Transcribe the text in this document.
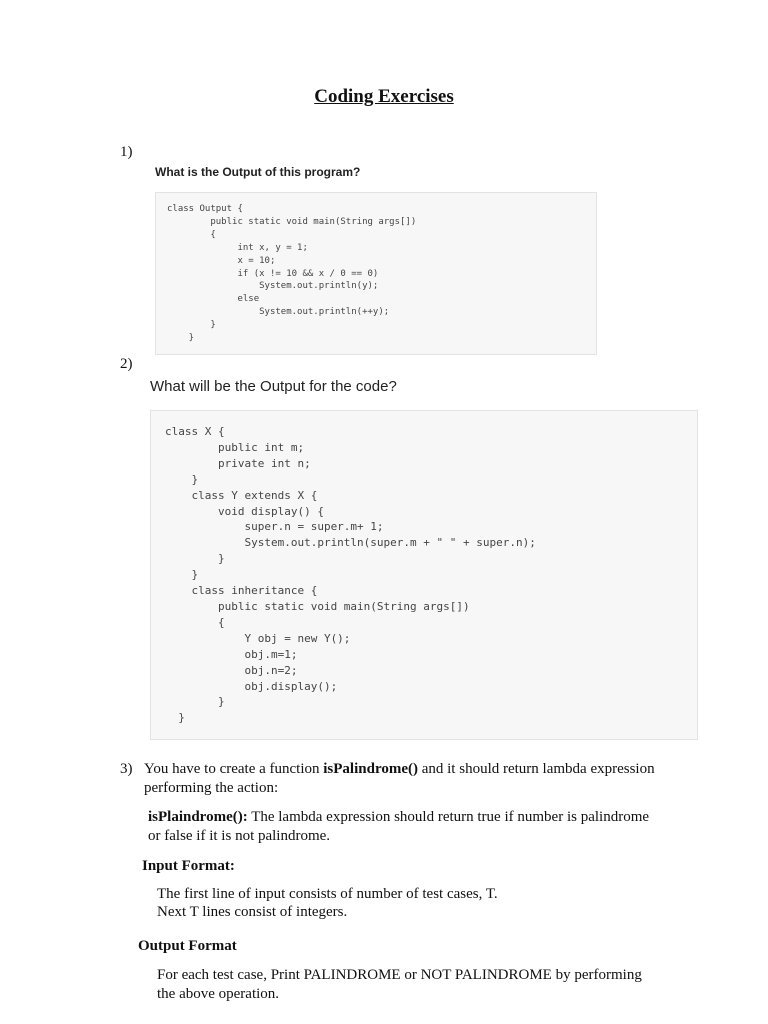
Coding Exercises
1)
What is the Output of this program?
class Output {
public static void main(String args[])
{
int x, y = 1;
x = 10;
if (x != 10 && x / 0 == 0)
System.out.println(y);
else
System.out.println(++y);
}
}
2)
What will be the Output for the code?
class X {
public int m;
private int n;
}
class Y extends X {
void display() {
super.n = super.m+ 1;
System.out.println(super.m + " " + super.n);
}
}
class inheritance {
public static void main(String args[])
{
Y obj = new Y();
obj.m=1;
obj.n=2;
obj.display();
}
}
3) You have to create a function isPalindrome() and it should return lambda expression
performing the action:
isPlaindrome(): The lambda expression should return true if number is palindrome
or false if it is not palindrome.
Input Format:
The first line of input consists of number of test cases, T.
Next T lines consist of integers.
Output Format
For each test case, Print PALINDROME or NOT PALINDROME by performing
the above operation.
